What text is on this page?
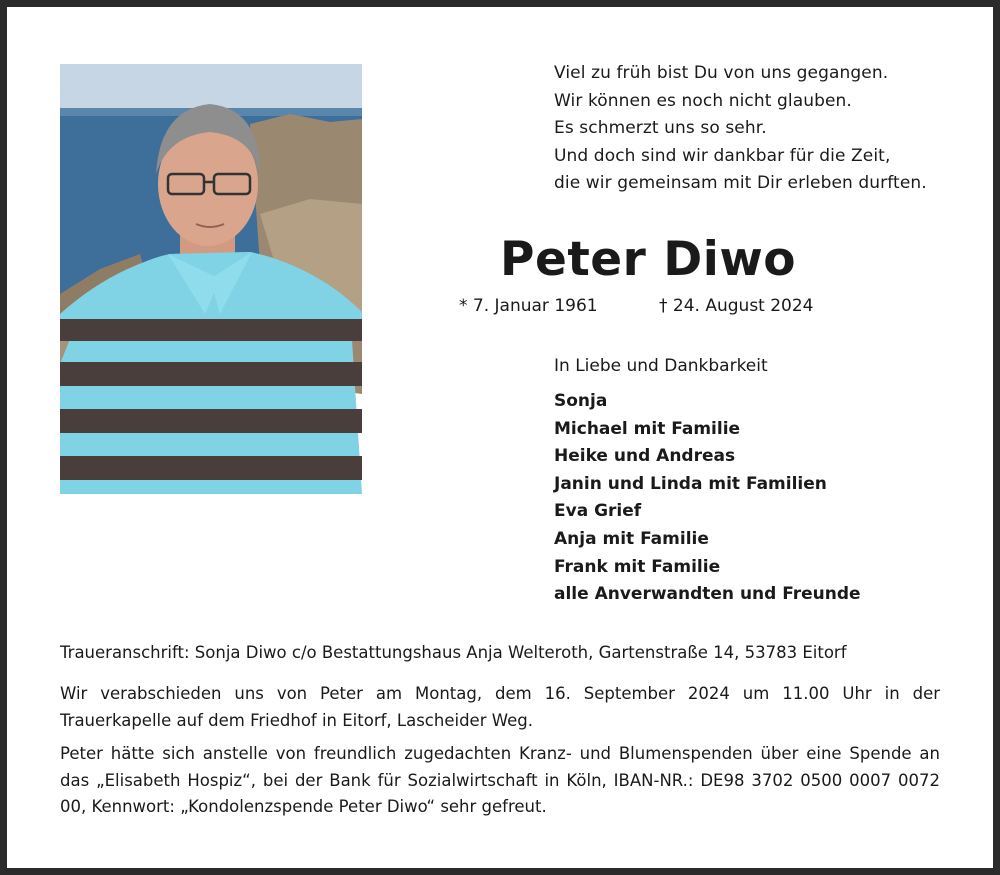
Viel zu früh bist Du von uns gegangen.
Wir können es noch nicht glauben.
Es schmerzt uns so sehr.
Und doch sind wir dankbar für die Zeit,
die wir gemeinsam mit Dir erleben durften.
Peter Diwo
* 7. Januar 1961	† 24. August 2024
In Liebe und Dankbarkeit
Sonja
Michael mit Familie
Heike und Andreas
Janin und Linda mit Familien
Eva Grief
Anja mit Familie
Frank mit Familie
alle Anverwandten und Freunde
Traueranschrift: Sonja Diwo c/o Bestattungshaus Anja Welteroth, Gartenstraße 14, 53783 Eitorf
Wir verabschieden uns von Peter am Montag, dem 16. September 2024 um 11.00 Uhr in der Trauerkapelle auf dem Friedhof in Eitorf, Lascheider Weg.
Peter hätte sich anstelle von freundlich zugedachten Kranz- und Blumenspenden über eine Spende an das „Elisabeth Hospiz“, bei der Bank für Sozialwirtschaft in Köln, IBAN-NR.: DE98 3702 0500 0007 0072 00, Kennwort: „Kondolenzspende Peter Diwo“ sehr gefreut.
